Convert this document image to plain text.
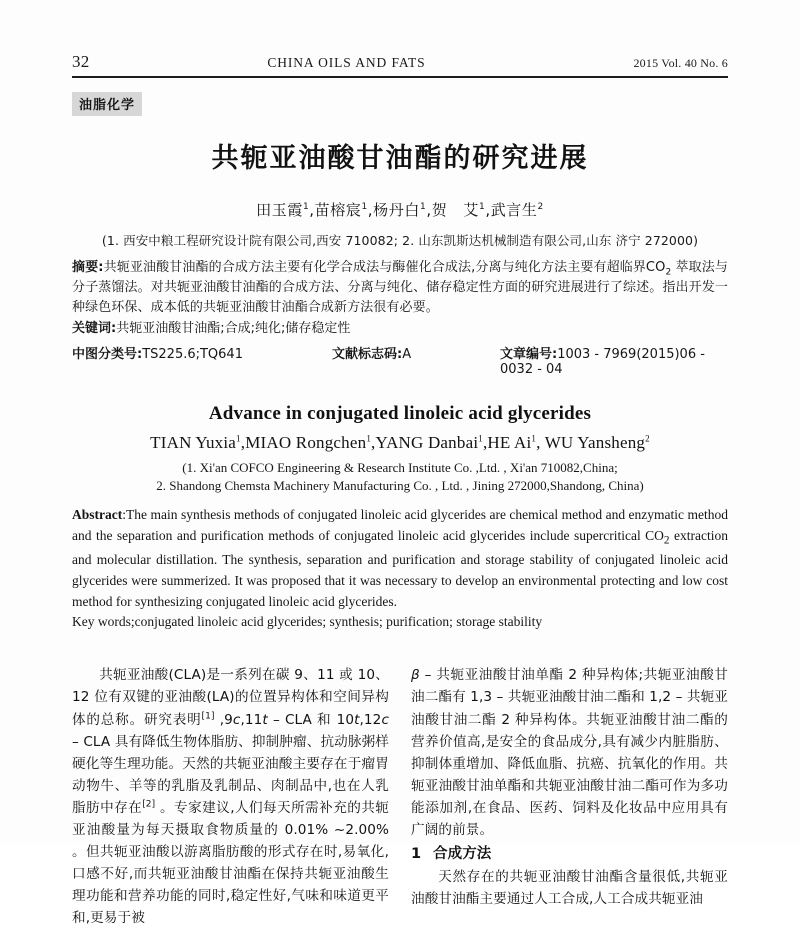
32	CHINA OILS AND FATS	2015 Vol. 40 No. 6
油脂化学
共轭亚油酸甘油酯的研究进展
田玉霞$^1$,苗榕宸$^1$,杨丹白$^1$,贺   艾$^1$,武言生$^2$
(1. 西安中粮工程研究设计院有限公司,西安 710082; 2. 山东凯斯达机械制造有限公司,山东 济宁 272000)
摘要:共轭亚油酸甘油酯的合成方法主要有化学合成法与酶催化合成法,分离与纯化方法主要有超临界$CO_2$ 萃取法与分子蒸馏法。对共轭亚油酸甘油酯的合成方法、分离与纯化、储存稳定性方面的研究进展进行了综述。指出开发一种绿色环保、成本低的共轭亚油酸甘油酯合成新方法很有必要。
关键词:共轭亚油酸甘油酯;合成;纯化;储存稳定性
中图分类号:TS225.6;TQ641	文献标志码:A	文章编号:1003 - 7969(2015)06 - 0032 - 04
Advance in conjugated linoleic acid glycerides
TIAN Yuxia$^1$,MIAO Rongchen$^1$,YANG Danbai$^1$,HE Ai$^1$, WU Yansheng$^2$
(1. Xi'an COFCO Engineering & Research Institute Co. ,Ltd. , Xi'an 710082,China;
2. Shandong Chemsta Machinery Manufacturing Co. , Ltd. , Jining 272000,Shandong, China)
Abstract:The main synthesis methods of conjugated linoleic acid glycerides are chemical method and enzymatic method and the separation and purification methods of conjugated linoleic acid glycerides include supercritical $CO_2$ extraction and molecular distillation. The synthesis, separation and purification and storage stability of conjugated linoleic acid glycerides were summerized. It was proposed that it was necessary to develop an environmental protecting and low cost method for synthesizing conjugated linoleic acid glycerides.
Key words;conjugated linoleic acid glycerides; synthesis; purification; storage stability

共轭亚油酸(CLA)是一系列在碳 9、11 或 10、12 位有双键的亚油酸(LA)的位置异构体和空间异构体的总称。研究表明[1] ,9c,11t – CLA 和 10t,12c – CLA 具有降低生物体脂肪、抑制肿瘤、抗动脉粥样硬化等生理功能。天然的共轭亚油酸主要存在于瘤胃动物牛、羊等的乳脂及乳制品、肉制品中,也在人乳脂肪中存在[2] 。专家建议,人们每天所需补充的共轭亚油酸量为每天摄取食物质量的 0.01% ~2.00% 。但共轭亚油酸以游离脂肪酸的形式存在时,易氧化,口感不好,而共轭亚油酸甘油酯在保持共轭亚油酸生理功能和营养功能的同时,稳定性好,气味和味道更平和,更易于被

β – 共轭亚油酸甘油单酯 2 种异构体;共轭亚油酸甘油二酯有 1,3 – 共轭亚油酸甘油二酯和 1,2 – 共轭亚油酸甘油二酯 2 种异构体。共轭亚油酸甘油二酯的营养价值高,是安全的食品成分,具有减少内脏脂肪、抑制体重增加、降低血脂、抗癌、抗氧化的作用。共轭亚油酸甘油单酯和共轭亚油酸甘油二酯可作为多功能添加剂,在食品、医药、饲料及化妆品中应用具有广阔的前景。

1 合成方法

天然存在的共轭亚油酸甘油酯含量很低,共轭亚油酸甘油酯主要通过人工合成,人工合成共轭亚油
